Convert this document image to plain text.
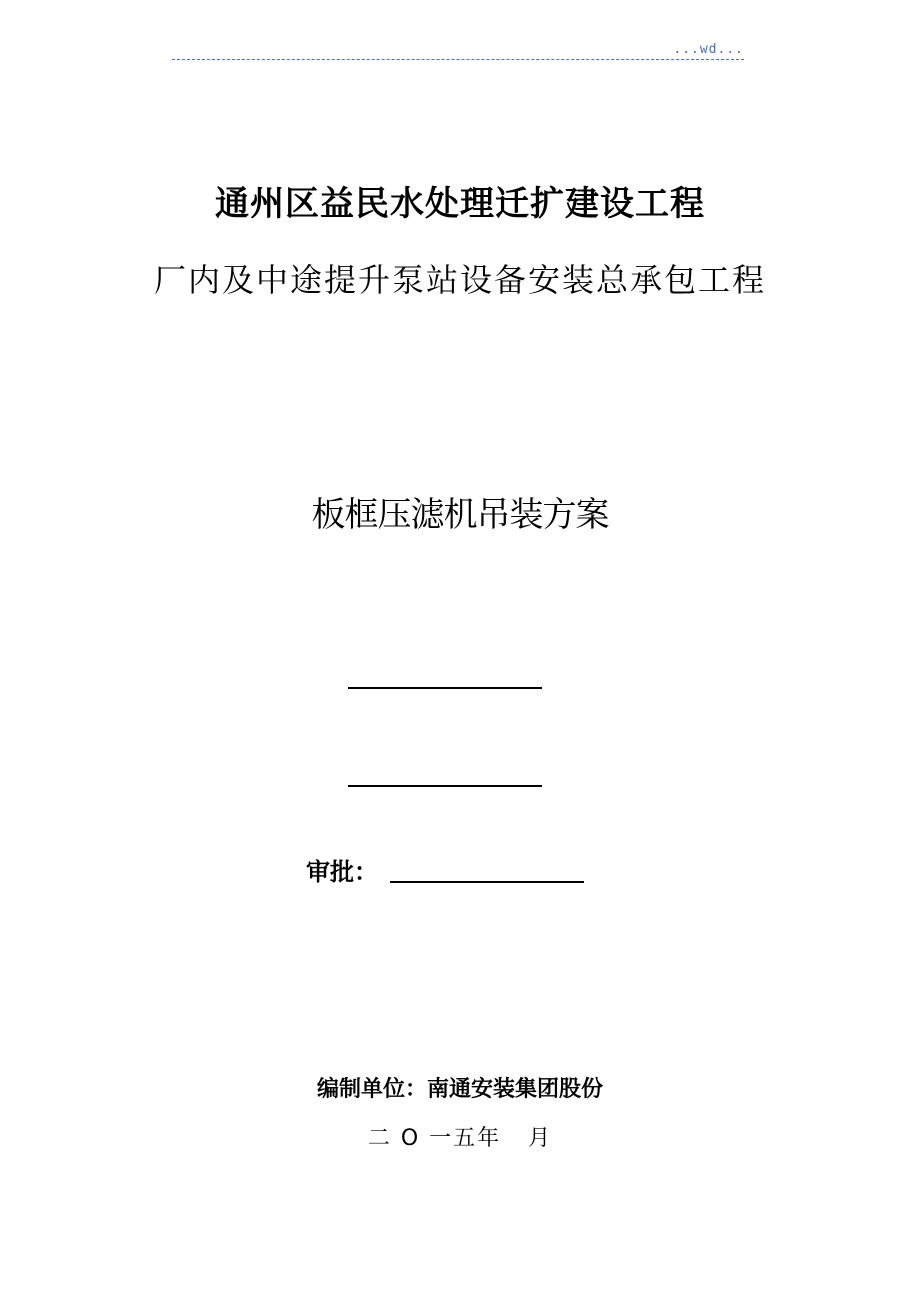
...wd...
通州区益民水处理迁扩建设工程
厂内及中途提升泵站设备安装总承包工程
板框压滤机吊装方案
审批：
编制单位：南通安装集团股份
二 O 一五年   月
